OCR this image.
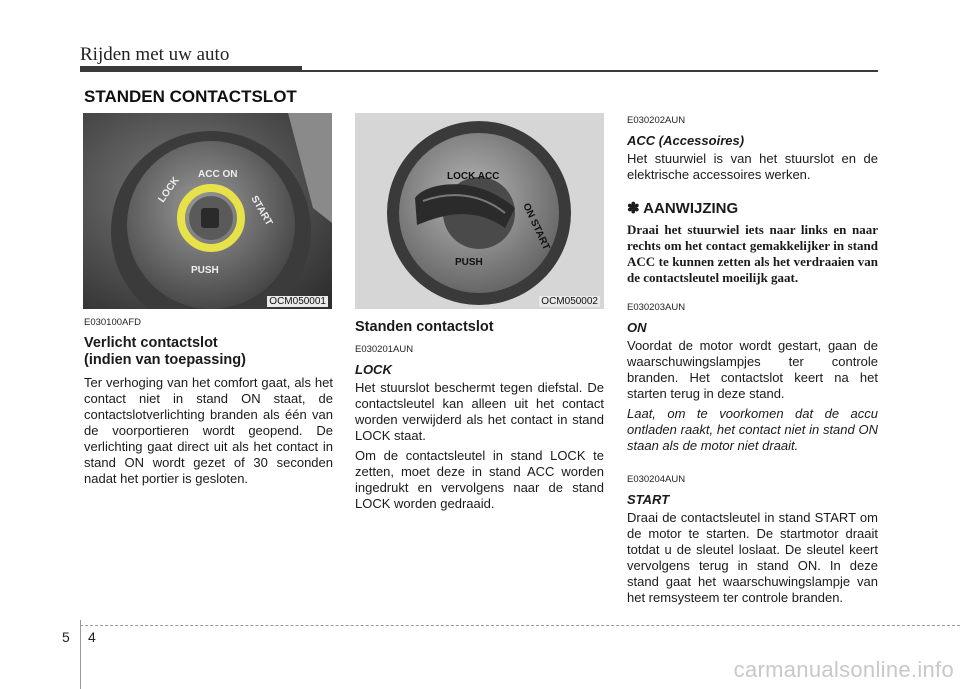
Rijden met uw auto
STANDEN CONTACTSLOT
LOCK
ACC ON
START
PUSH
OCM050001
LOCK ACC
ON START
PUSH
OCM050002

E030100AFD

Verlicht contactslot
(indien van toepassing)

Ter verhoging van het comfort gaat, als het contact niet in stand ON staat, de contactslotverlichting branden als één van de voorportieren wordt geopend. De verlichting gaat direct uit als het contact in stand ON wordt gezet of 30 seconden nadat het portier is gesloten.

Standen contactslot

E030201AUN

LOCK

Het stuurslot beschermt tegen diefstal. De contactsleutel kan alleen uit het contact worden verwijderd als het contact in stand LOCK staat.

Om de contactsleutel in stand LOCK te zetten, moet deze in stand ACC worden ingedrukt en vervolgens naar de stand LOCK worden gedraaid.

E030202AUN

ACC (Accessoires)

Het stuurwiel is van het stuurslot en de elektrische accessoires werken.

✽ AANWIJZING

Draai het stuurwiel iets naar links en naar rechts om het contact gemakkelijker in stand ACC te kunnen zetten als het verdraaien van de contactsleutel moeilijk gaat.

E030203AUN

ON

Voordat de motor wordt gestart, gaan de waarschuwingslampjes ter controle branden. Het contactslot keert na het starten terug in deze stand.

Laat, om te voorkomen dat de accu ontladen raakt, het contact niet in stand ON staan als de motor niet draait.

E030204AUN

START

Draai de contactsleutel in stand START om de motor te starten. De startmotor draait totdat u de sleutel loslaat. De sleutel keert vervolgens terug in stand ON. In deze stand gaat het waarschuwingslampje van het remsysteem ter controle branden.

5 4
carmanualsonline.info
